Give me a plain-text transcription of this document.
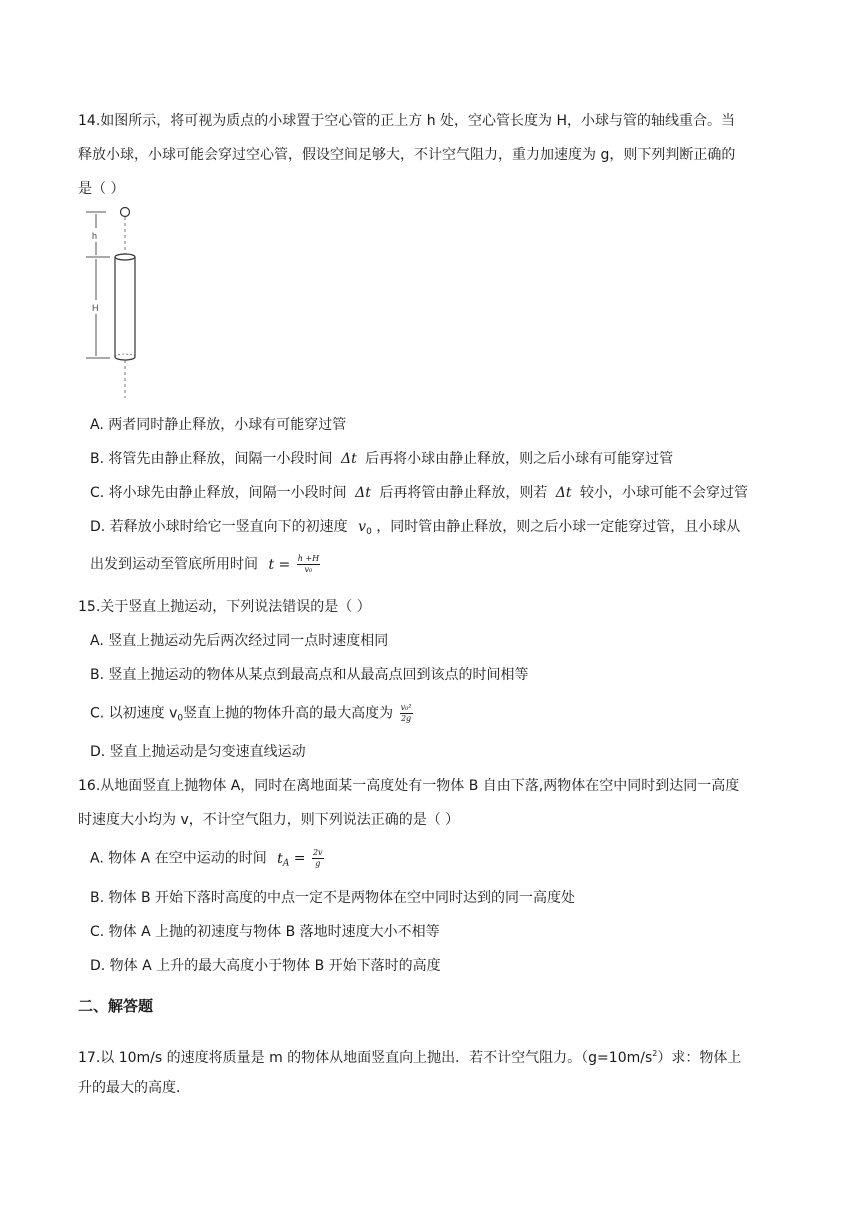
14.如图所示，将可视为质点的小球置于空心管的正上方 h 处，空心管长度为 H，小球与管的轴线重合。当
释放小球，小球可能会穿过空心管，假设空间足够大，不计空气阻力，重力加速度为 g，则下列判断正确的
是（ ）
h
H
A. 两者同时静止释放，小球有可能穿过管
B. 将管先由静止释放，间隔一小段时间 Δt 后再将小球由静止释放，则之后小球有可能穿过管
C. 将小球先由静止释放，间隔一小段时间 Δt 后再将管由静止释放，则若 Δt 较小，小球可能不会穿过管
D. 若释放小球时给它一竖直向下的初速度 $v_0$ ，同时管由静止释放，则之后小球一定能穿过管，且小球从
出发到运动至管底所用时间 $t = \frac{h +H}{\text{v₀}}$
15.关于竖直上抛运动，下列说法错误的是（ ）
A. 竖直上抛运动先后两次经过同一点时速度相同
B. 竖直上抛运动的物体从某点到最高点和从最高点回到该点的时间相等
C. 以初速度 $v_0$竖直上抛的物体升高的最大高度为 $\frac{\text{v₀²}}{2g}$
D. 竖直上抛运动是匀变速直线运动
16.从地面竖直上抛物体 A，同时在离地面某一高度处有一物体 B 自由下落,两物体在空中同时到达同一高度
时速度大小均为 v，不计空气阻力，则下列说法正确的是（ ）
A. 物体 A 在空中运动的时间 $t_A = \frac{2v}{g}$
B. 物体 B 开始下落时高度的中点一定不是两物体在空中同时达到的同一高度处
C. 物体 A 上抛的初速度与物体 B 落地时速度大小不相等
D. 物体 A 上升的最大高度小于物体 B 开始下落时的高度
二、解答题
17.以 10m/s 的速度将质量是 m 的物体从地面竖直向上抛出．若不计空气阻力。$(g=10m/s^2)$求：物体上
升的最大的高度．
